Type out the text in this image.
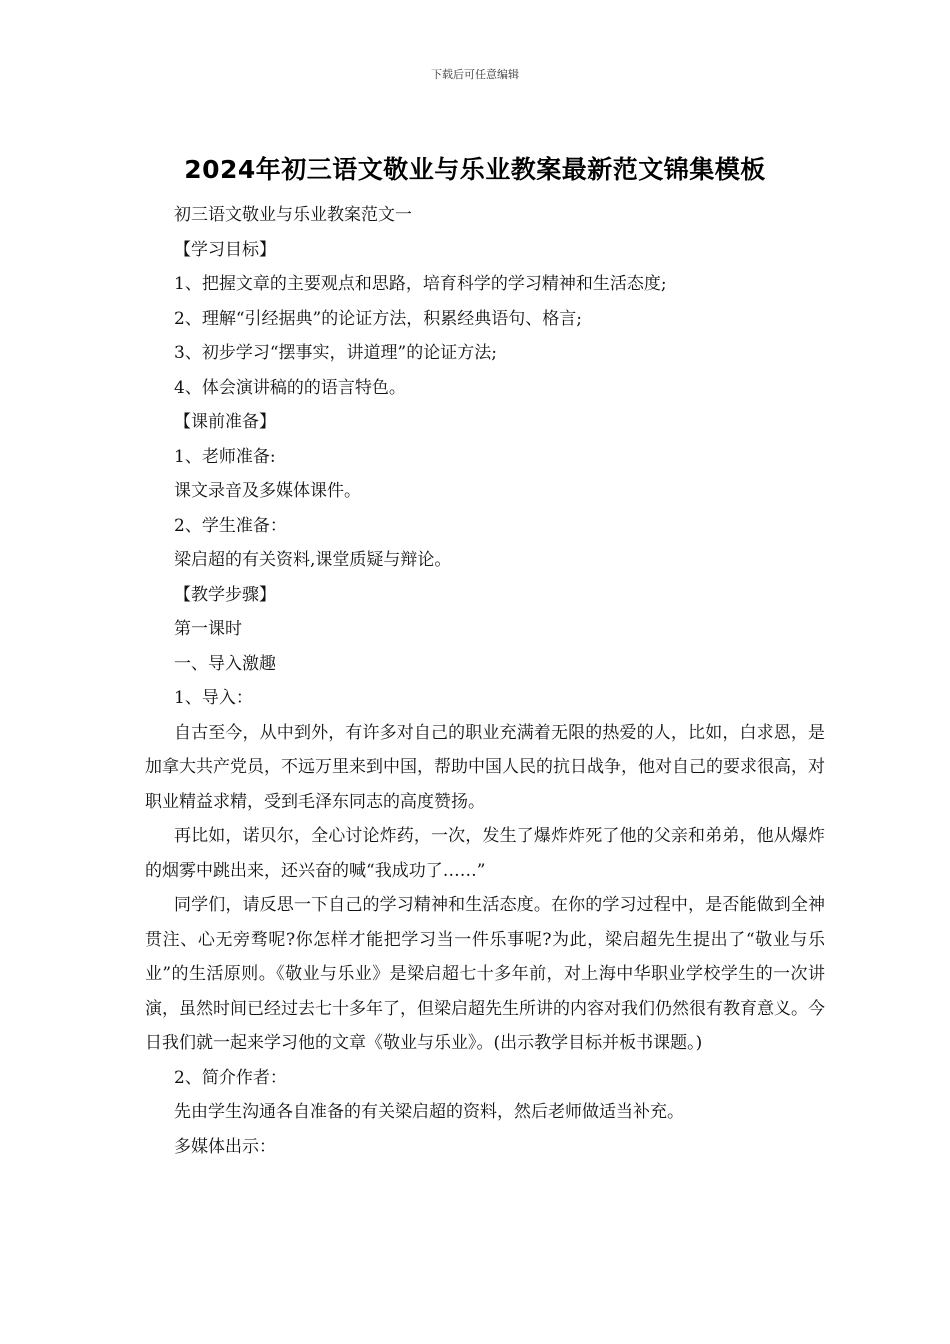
下载后可任意编辑
2024年初三语文敬业与乐业教案最新范文锦集模板

初三语文敬业与乐业教案范文一

【学习目标】

1、把握文章的主要观点和思路，培育科学的学习精神和生活态度;

2、理解“引经据典”的论证方法，积累经典语句、格言;

3、初步学习“摆事实，讲道理”的论证方法;

4、体会演讲稿的的语言特色。

【课前准备】

1、老师准备:

课文录音及多媒体课件。

2、学生准备：

梁启超的有关资料,课堂质疑与辩论。

【教学步骤】

第一课时

一、导入激趣

1、导入：

自古至今，从中到外，有许多对自己的职业充满着无限的热爱的人，比如，白求恩，是加拿大共产党员，不远万里来到中国，帮助中国人民的抗日战争，他对自己的要求很高，对职业精益求精，受到毛泽东同志的高度赞扬。

再比如，诺贝尔，全心讨论炸药，一次，发生了爆炸炸死了他的父亲和弟弟，他从爆炸的烟雾中跳出来，还兴奋的喊“我成功了……”

同学们，请反思一下自己的学习精神和生活态度。在你的学习过程中，是否能做到全神贯注、心无旁骛呢?你怎样才能把学习当一件乐事呢?为此，梁启超先生提出了“敬业与乐业”的生活原则。《敬业与乐业》是梁启超七十多年前，对上海中华职业学校学生的一次讲演，虽然时间已经过去七十多年了，但梁启超先生所讲的内容对我们仍然很有教育意义。今日我们就一起来学习他的文章《敬业与乐业》。(出示教学目标并板书课题。)

2、简介作者：

先由学生沟通各自准备的有关梁启超的资料，然后老师做适当补充。

多媒体出示：
